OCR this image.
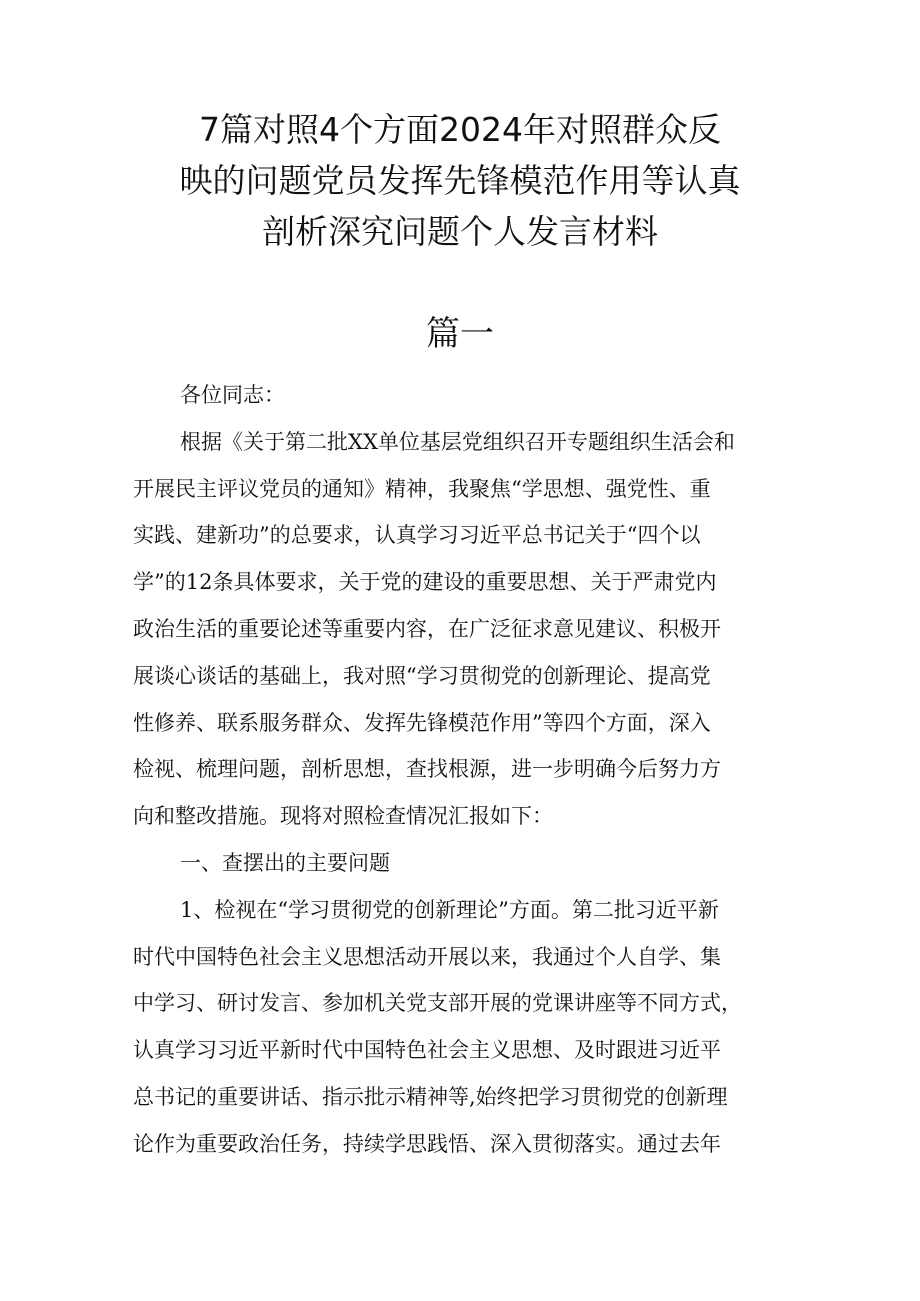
7篇对照4个方面2024年对照群众反
映的问题党员发挥先锋模范作用等认真
剖析深究问题个人发言材料
篇一
各位同志：
根据《关于第二批XX单位基层党组织召开专题组织生活会和
开展民主评议党员的通知》精神，我聚焦“学思想、强党性、重
实践、建新功”的总要求，认真学习习近平总书记关于“四个以
学”的12条具体要求，关于党的建设的重要思想、关于严肃党内
政治生活的重要论述等重要内容，在广泛征求意见建议、积极开
展谈心谈话的基础上，我对照“学习贯彻党的创新理论、提高党
性修养、联系服务群众、发挥先锋模范作用”等四个方面，深入
检视、梳理问题，剖析思想，查找根源，进一步明确今后努力方
向和整改措施。现将对照检查情况汇报如下：
一、查摆出的主要问题
1、检视在“学习贯彻党的创新理论”方面。第二批习近平新
时代中国特色社会主义思想活动开展以来，我通过个人自学、集
中学习、研讨发言、参加机关党支部开展的党课讲座等不同方式，
认真学习习近平新时代中国特色社会主义思想、及时跟进习近平
总书记的重要讲话、指示批示精神等,始终把学习贯彻党的创新理
论作为重要政治任务，持续学思践悟、深入贯彻落实。通过去年
